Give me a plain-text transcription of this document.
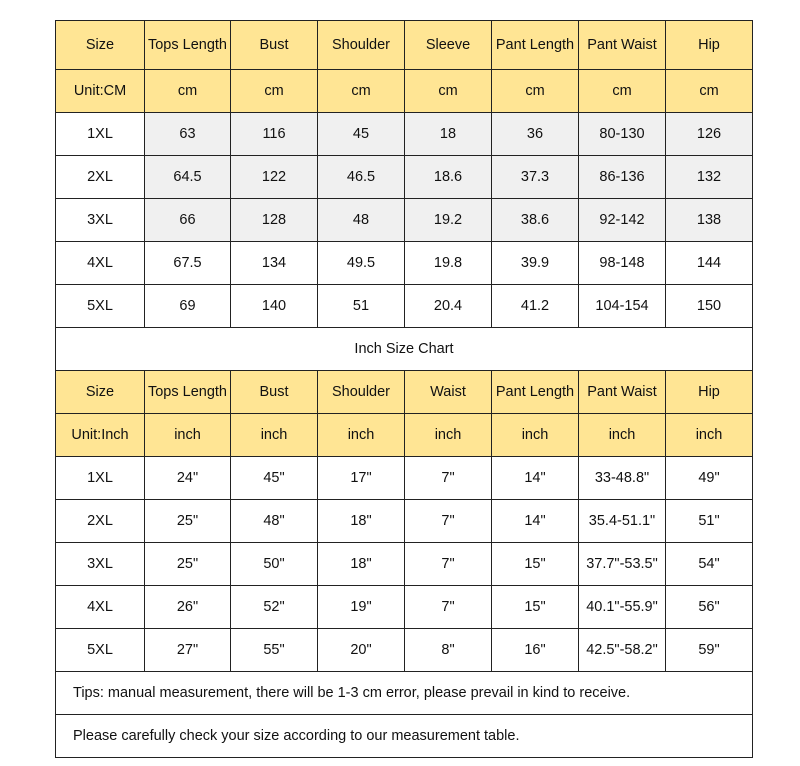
Size	Tops Length	Bust	Shoulder	Sleeve	Pant Length	Pant Waist	Hip
Unit:CM	cm	cm	cm	cm	cm	cm	cm
1XL	63	116	45	18	36	80-130	126
2XL	64.5	122	46.5	18.6	37.3	86-136	132
3XL	66	128	48	19.2	38.6	92-142	138
4XL	67.5	134	49.5	19.8	39.9	98-148	144
5XL	69	140	51	20.4	41.2	104-154	150
Inch Size Chart							
Size	Tops Length	Bust	Shoulder	Waist	Pant Length	Pant Waist	Hip
Unit:Inch	inch	inch	inch	inch	inch	inch	inch
1XL	24"	45"	17"	7"	14"	33-48.8"	49"
2XL	25"	48"	18"	7"	14"	35.4-51.1"	51"
3XL	25"	50"	18"	7"	15"	37.7"-53.5"	54"
4XL	26"	52"	19"	7"	15"	40.1"-55.9"	56"
5XL	27"	55"	20"	8"	16"	42.5"-58.2"	59"
Tips: manual measurement, there will be 1-3 cm error, please prevail in kind to receive.							
Please carefully check your size according to our measurement table.							
